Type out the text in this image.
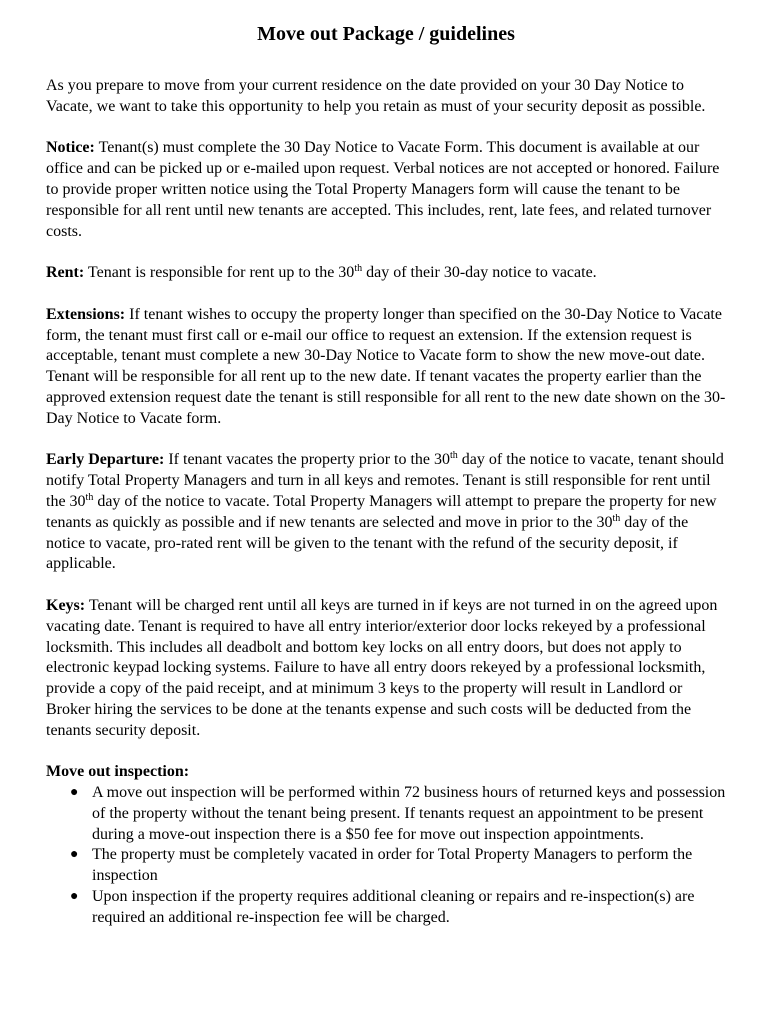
Move out Package / guidelines

As you prepare to move from your current residence on the date provided on your 30 Day Notice to Vacate, we want to take this opportunity to help you retain as must of your security deposit as possible.

Notice: Tenant(s) must complete the 30 Day Notice to Vacate Form. This document is available at our office and can be picked up or e-mailed upon request. Verbal notices are not accepted or honored. Failure to provide proper written notice using the Total Property Managers form will cause the tenant to be responsible for all rent until new tenants are accepted. This includes, rent, late fees, and related turnover costs.

Rent: Tenant is responsible for rent up to the 30th day of their 30-day notice to vacate.

Extensions: If tenant wishes to occupy the property longer than specified on the 30-Day Notice to Vacate form, the tenant must first call or e-mail our office to request an extension. If the extension request is acceptable, tenant must complete a new 30-Day Notice to Vacate form to show the new move-out date. Tenant will be responsible for all rent up to the new date. If tenant vacates the property earlier than the approved extension request date the tenant is still responsible for all rent to the new date shown on the 30-Day Notice to Vacate form.

Early Departure: If tenant vacates the property prior to the 30th day of the notice to vacate, tenant should notify Total Property Managers and turn in all keys and remotes. Tenant is still responsible for rent until the 30th day of the notice to vacate. Total Property Managers will attempt to prepare the property for new tenants as quickly as possible and if new tenants are selected and move in prior to the 30th day of the notice to vacate, pro-rated rent will be given to the tenant with the refund of the security deposit, if applicable.

Keys: Tenant will be charged rent until all keys are turned in if keys are not turned in on the agreed upon vacating date. Tenant is required to have all entry interior/exterior door locks rekeyed by a professional locksmith. This includes all deadbolt and bottom key locks on all entry doors, but does not apply to electronic keypad locking systems. Failure to have all entry doors rekeyed by a professional locksmith, provide a copy of the paid receipt, and at minimum 3 keys to the property will result in Landlord or Broker hiring the services to be done at the tenants expense and such costs will be deducted from the tenants security deposit.

Move out inspection:

● A move out inspection will be performed within 72 business hours of returned keys and possession of the property without the tenant being present. If tenants request an appointment to be present during a move-out inspection there is a $50 fee for move out inspection appointments.
● The property must be completely vacated in order for Total Property Managers to perform the inspection
● Upon inspection if the property requires additional cleaning or repairs and re-inspection(s) are required an additional re-inspection fee will be charged.
